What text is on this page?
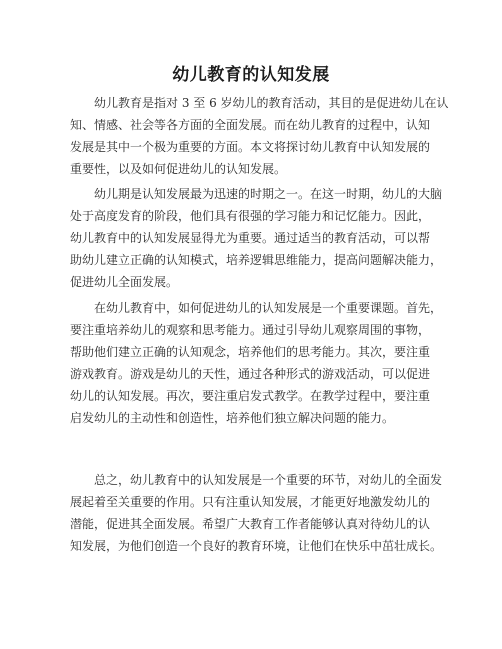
幼儿教育的认知发展
幼儿教育是指对 3 至 6 岁幼儿的教育活动，其目的是促进幼儿在认
知、情感、社会等各方面的全面发展。而在幼儿教育的过程中，认知
发展是其中一个极为重要的方面。本文将探讨幼儿教育中认知发展的
重要性，以及如何促进幼儿的认知发展。
幼儿期是认知发展最为迅速的时期之一。在这一时期，幼儿的大脑
处于高度发育的阶段，他们具有很强的学习能力和记忆能力。因此，
幼儿教育中的认知发展显得尤为重要。通过适当的教育活动，可以帮
助幼儿建立正确的认知模式，培养逻辑思维能力，提高问题解决能力，
促进幼儿全面发展。
在幼儿教育中，如何促进幼儿的认知发展是一个重要课题。首先，
要注重培养幼儿的观察和思考能力。通过引导幼儿观察周围的事物，
帮助他们建立正确的认知观念，培养他们的思考能力。其次，要注重
游戏教育。游戏是幼儿的天性，通过各种形式的游戏活动，可以促进
幼儿的认知发展。再次，要注重启发式教学。在教学过程中，要注重
启发幼儿的主动性和创造性，培养他们独立解决问题的能力。
总之，幼儿教育中的认知发展是一个重要的环节，对幼儿的全面发
展起着至关重要的作用。只有注重认知发展，才能更好地激发幼儿的
潜能，促进其全面发展。希望广大教育工作者能够认真对待幼儿的认
知发展，为他们创造一个良好的教育环境，让他们在快乐中茁壮成长。
